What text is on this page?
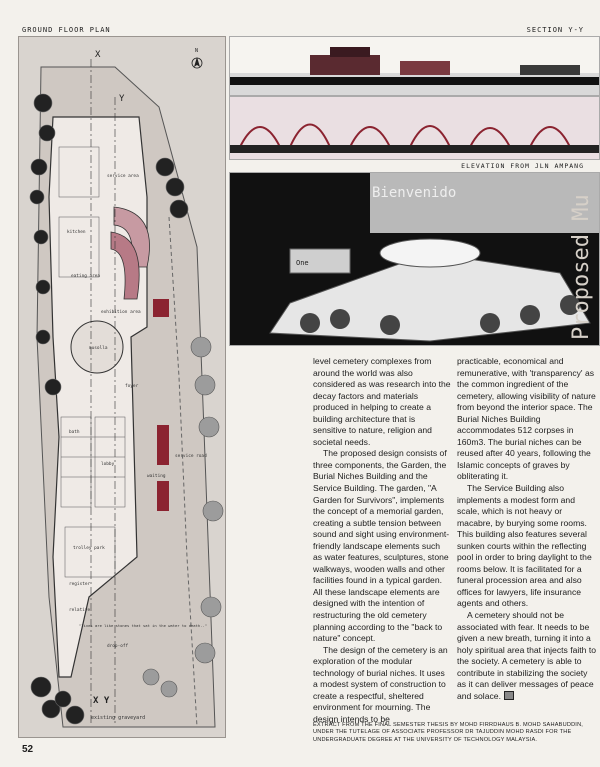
GROUND FLOOR PLAN	SECTION Y-Y
X
Y
N
service area
kitchen
eating area
exhibition area
musolla
foyer
bath
lobby
waiting
service road
trolley park
register
relative
drop-off
"lives are like stones that sat in the water to death.."
X Y
existing graveyard
ELEVATION FROM JLN AMPANG
Bienvenido
One	Proposed Mu

level cemetery complexes from around the world was also considered as was research into the decay factors and materials produced in helping to create a building architecture that is sensitive to nature, religion and societal needs.

The proposed design consists of three components, the Garden, the Burial Niches Building and the Service Building. The garden, "A Garden for Survivors", implements the concept of a memorial garden, creating a subtle tension between sound and sight using environment-friendly landscape elements such as water features, sculptures, stone walkways, wooden walls and other facilities found in a typical garden. All these landscape elements are designed with the intention of restructuring the old cemetery planning according to the "back to nature" concept.

The design of the cemetery is an exploration of the modular technology of burial niches. It uses a modest system of construction to create a respectful, sheltered environment for mourning. The design intends to be

practicable, economical and remunerative, with 'transparency' as the common ingredient of the cemetery, allowing visibility of nature from beyond the interior space. The Burial Niches Building accommodates 512 corpses in 160m3. The burial niches can be reused after 40 years, following the Islamic concepts of graves by obliterating it.

The Service Building also implements a modest form and scale, which is not heavy or macabre, by burying some rooms. This building also features several sunken courts within the reflecting pool in order to bring daylight to the rooms below. It is facilitated for a funeral procession area and also offices for lawyers, life insurance agents and others.

A cemetery should not be associated with fear. It needs to be given a new breath, turning it into a holy spiritual area that injects faith to the society. A cemetery is able to contribute in stabilizing the society as it can deliver messages of peace and solace.

EXTRACT FROM THE FINAL SEMESTER THESIS BY MOHD FIRRDHAUS B. MOHD SAHABUDDIN, UNDER THE TUTELAGE OF ASSOCIATE PROFESSOR DR TAJUDDIN MOHD RASDI FOR THE UNDERGRADUATE DEGREE AT THE UNIVERSITY OF TECHNOLOGY MALAYSIA.
52
